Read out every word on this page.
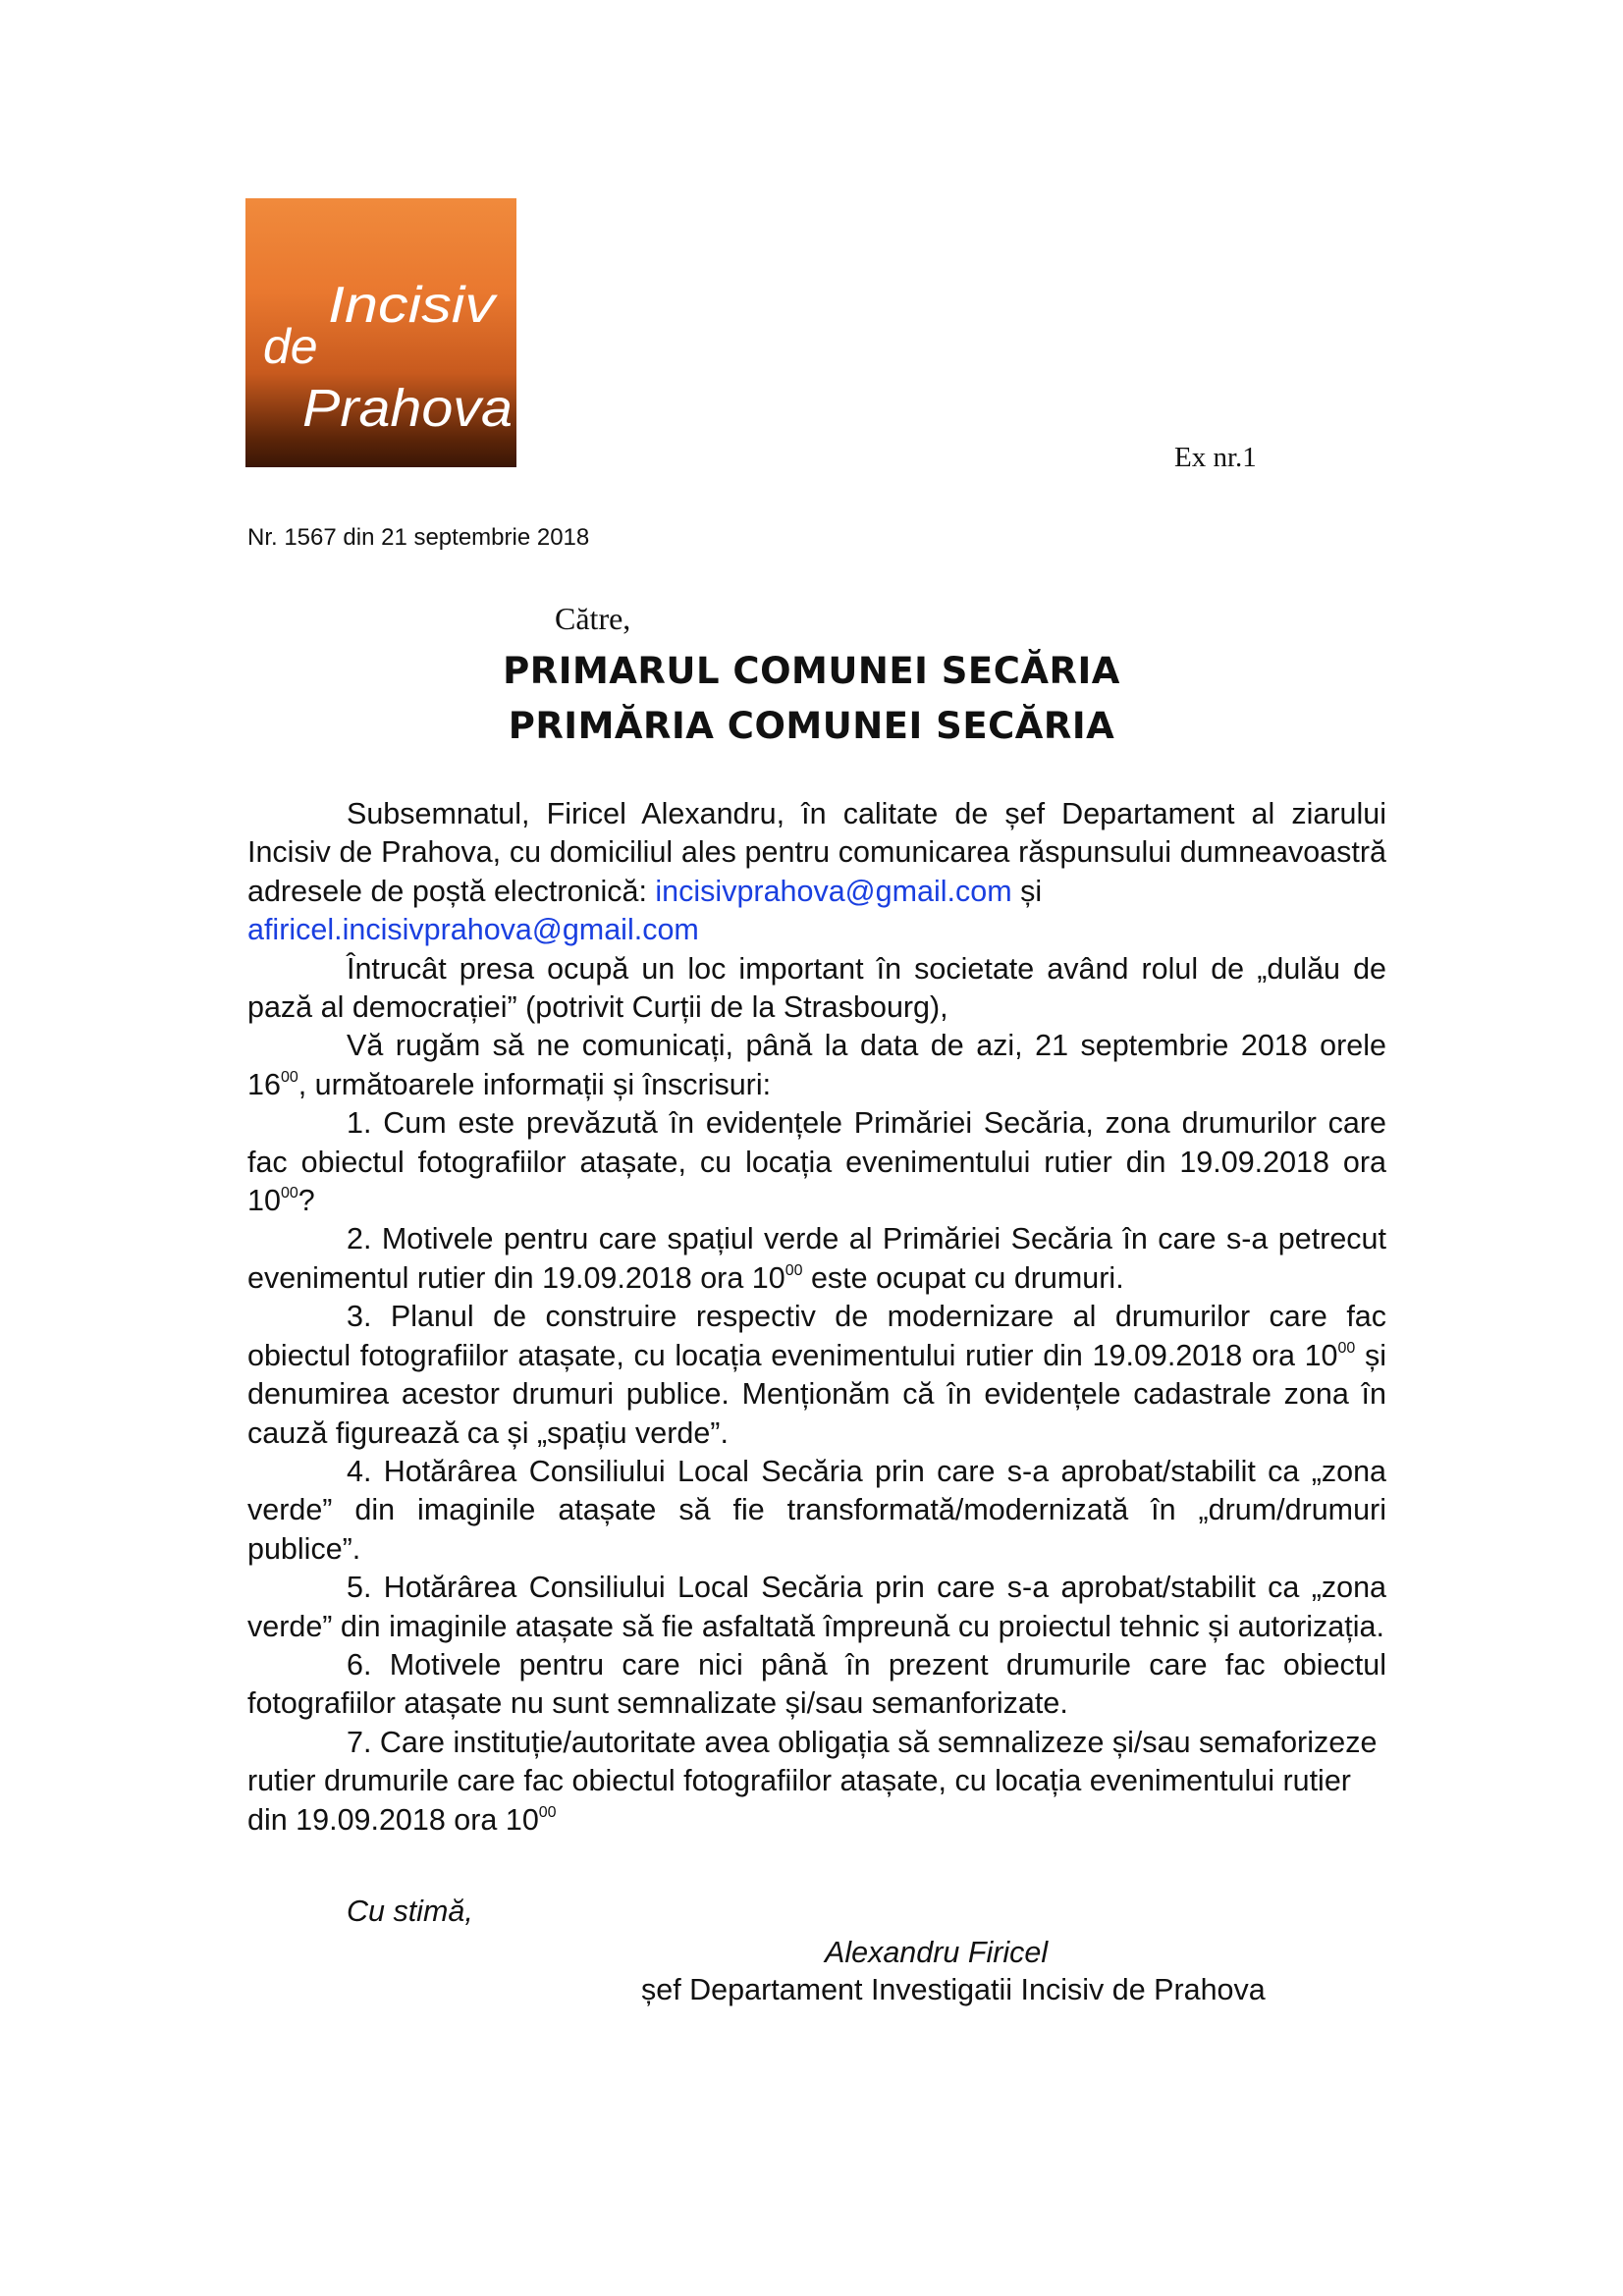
de
Incisiv
Prahova
Ex nr.1
Nr. 1567 din 21 septembrie 2018
Către,
PRIMARUL COMUNEI SECĂRIA
PRIMĂRIA COMUNEI SECĂRIA

Subsemnatul, Firicel Alexandru, în calitate de șef Departament al ziarului Incisiv de Prahova, cu domiciliul ales pentru comunicarea răspunsului dumneavoastră adresele de poștă electronică: incisivprahova@gmail.com și
afiricel.incisivprahova@gmail.com

Întrucât presa ocupă un loc important în societate având rolul de „dulău de pază al democrației” (potrivit Curții de la Strasbourg),

Vă rugăm să ne comunicați, până la data de azi, 21 septembrie 2018 orele $16^{00}$, următoarele informații și înscrisuri:

1. Cum este prevăzută în evidențele Primăriei Secăria, zona drumurilor care fac obiectul fotografiilor atașate, cu locația evenimentului rutier din 19.09.2018 ora $10^{00}$?

2. Motivele pentru care spațiul verde al Primăriei Secăria în care s-a petrecut evenimentul rutier din 19.09.2018 ora $10^{00}$ este ocupat cu drumuri.

3. Planul de construire respectiv de modernizare al drumurilor care fac obiectul fotografiilor atașate, cu locația evenimentului rutier din 19.09.2018 ora $10^{00}$ și denumirea acestor drumuri publice. Menționăm că în evidențele cadastrale zona în cauză figurează ca și „spațiu verde”.

4. Hotărârea Consiliului Local Secăria prin care s-a aprobat/stabilit ca „zona verde” din imaginile atașate să fie transformată/modernizată în „drum/drumuri publice”.

5. Hotărârea Consiliului Local Secăria prin care s-a aprobat/stabilit ca „zona verde” din imaginile atașate să fie asfaltată împreună cu proiectul tehnic și autorizația.

6. Motivele pentru care nici până în prezent drumurile care fac obiectul fotografiilor atașate nu sunt semnalizate și/sau semanforizate.

7. Care instituție/autoritate avea obligația să semnalizeze și/sau semaforizeze rutier drumurile care fac obiectul fotografiilor atașate, cu locația evenimentului rutier din 19.09.2018 ora $10^{00}$

Cu stimă,
Alexandru Firicel
șef Departament Investigatii Incisiv de Prahova
